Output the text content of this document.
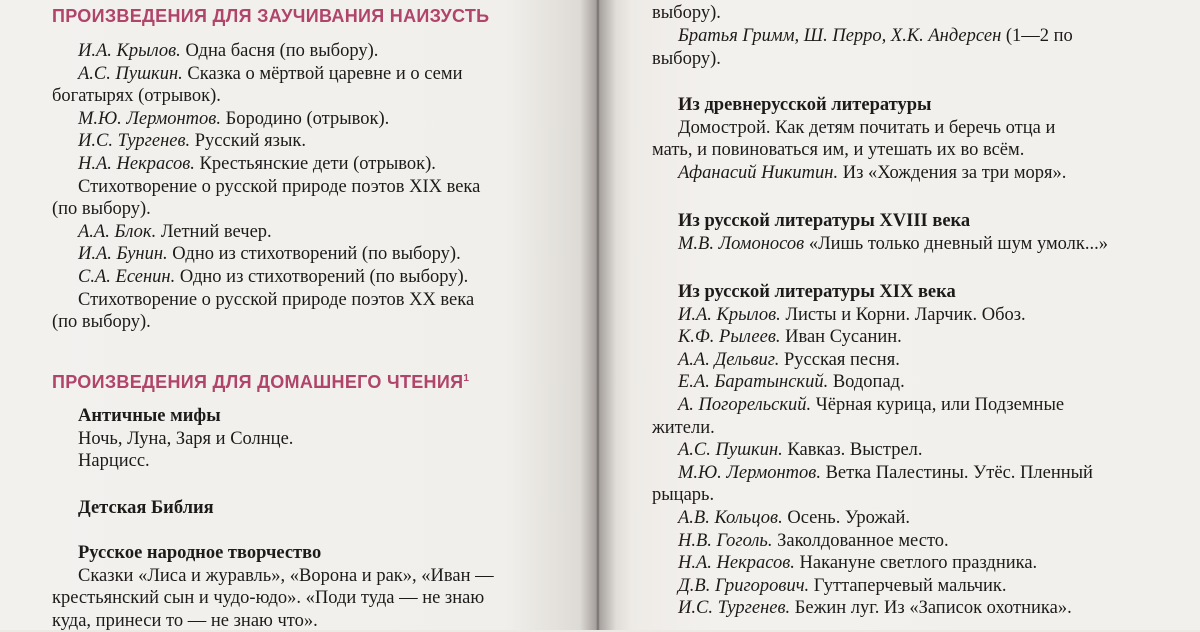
ПРОИЗВЕДЕНИЯ ДЛЯ ЗАУЧИВАНИЯ НАИЗУСТЬ

И.А. Крылов. Одна басня (по выбору).

А.С. Пушкин. Сказка о мёртвой царевне и о семи

богатырях (отрывок).

М.Ю. Лермонтов. Бородино (отрывок).

И.С. Тургенев. Русский язык.

Н.А. Некрасов. Крестьянские дети (отрывок).

Стихотворение о русской природе поэтов XIX века

(по выбору).

А.А. Блок. Летний вечер.

И.А. Бунин. Одно из стихотворений (по выбору).

С.А. Есенин. Одно из стихотворений (по выбору).

Стихотворение о русской природе поэтов XX века

(по выбору).

ПРОИЗВЕДЕНИЯ ДЛЯ ДОМАШНЕГО ЧТЕНИЯ$^1$

Античные мифы

Ночь, Луна, Заря и Солнце.

Нарцисс.

Детская Библия

Русское народное творчество

Сказки «Лиса и журавль», «Ворона и рак», «Иван —

крестьянский сын и чудо-юдо». «Поди туда — не знаю

куда, принеси то — не знаю что».

выбору).

Братья Гримм, Ш. Перро, Х.К. Андерсен (1—2 по

выбору).

Из древнерусской литературы

Домострой. Как детям почитать и беречь отца и

мать, и повиноваться им, и утешать их во всём.

Афанасий Никитин. Из «Хождения за три моря».

Из русской литературы XVIII века

М.В. Ломоносов «Лишь только дневный шум умолк...»

Из русской литературы XIX века

И.А. Крылов. Листы и Корни. Ларчик. Обоз.

К.Ф. Рылеев. Иван Сусанин.

А.А. Дельвиг. Русская песня.

Е.А. Баратынский. Водопад.

А. Погорельский. Чёрная курица, или Подземные

жители.

А.С. Пушкин. Кавказ. Выстрел.

М.Ю. Лермонтов. Ветка Палестины. Утёс. Пленный

рыцарь.

А.В. Кольцов. Осень. Урожай.

Н.В. Гоголь. Заколдованное место.

Н.А. Некрасов. Накануне светлого праздника.

Д.В. Григорович. Гуттаперчевый мальчик.

И.С. Тургенев. Бежин луг. Из «Записок охотника».
